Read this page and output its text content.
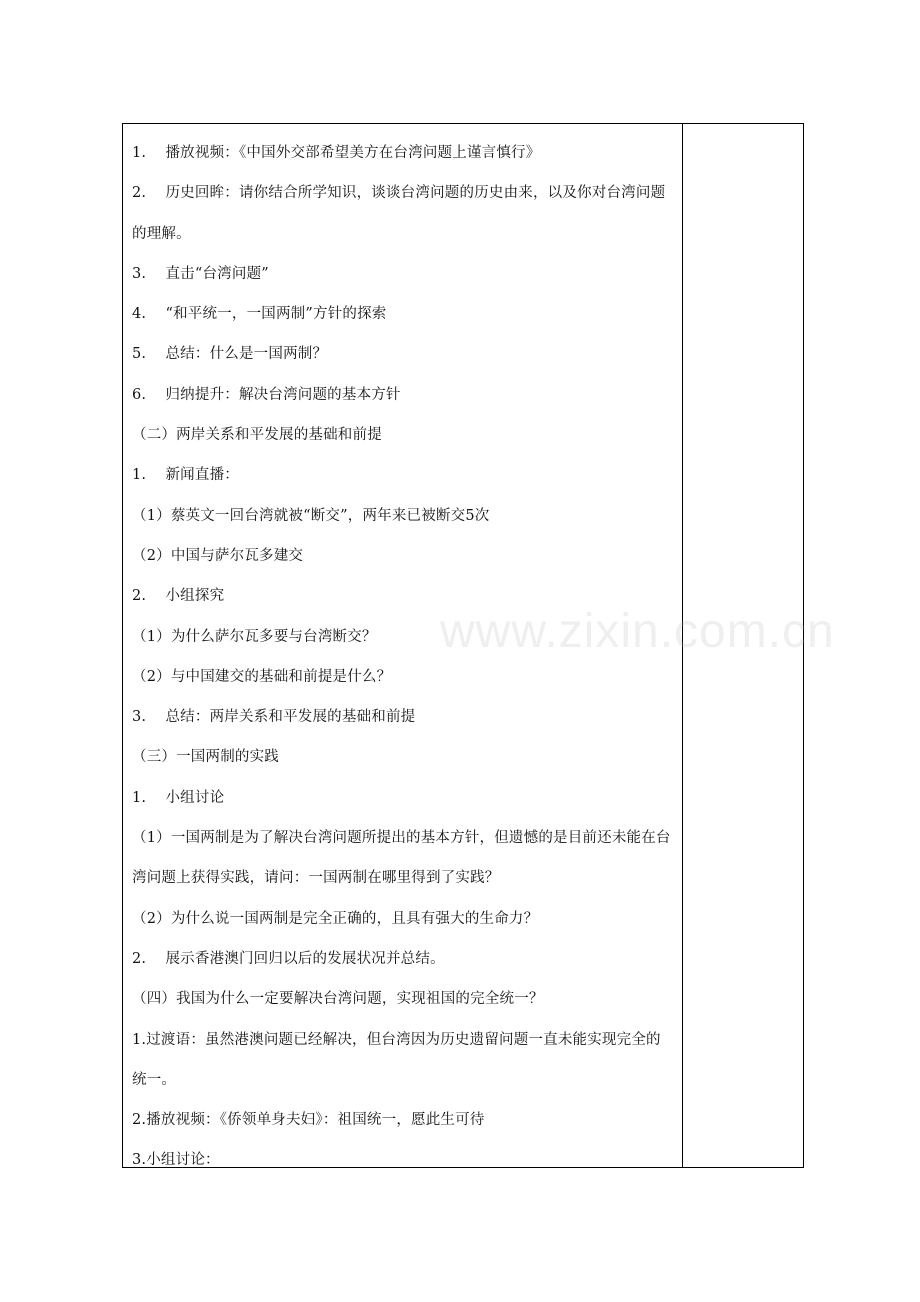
1.    播放视频：《中国外交部希望美方在台湾问题上谨言慎行》

2.    历史回眸：请你结合所学知识，谈谈台湾问题的历史由来，以及你对台湾问题的理解。

3.    直击“台湾问题”

4.    “和平统一，一国两制”方针的探索

5.    总结：什么是一国两制？

6.    归纳提升：解决台湾问题的基本方针

（二）两岸关系和平发展的基础和前提

1.    新闻直播：

（1）蔡英文一回台湾就被“断交”，两年来已被断交5次

（2）中国与萨尔瓦多建交

2.    小组探究

（1）为什么萨尔瓦多要与台湾断交？

（2）与中国建交的基础和前提是什么？

3.    总结：两岸关系和平发展的基础和前提

（三）一国两制的实践

1.    小组讨论

（1）一国两制是为了解决台湾问题所提出的基本方针，但遗憾的是目前还未能在台湾问题上获得实践，请问：一国两制在哪里得到了实践？

（2）为什么说一国两制是完全正确的，且具有强大的生命力？

2.    展示香港澳门回归以后的发展状况并总结。

（四）我国为什么一定要解决台湾问题，实现祖国的完全统一？

1.过渡语：虽然港澳问题已经解决，但台湾因为历史遗留问题一直未能实现完全的统一。

2.播放视频：《侨领单身夫妇》：祖国统一，愿此生可待

3.小组讨论：

www.zixin.com.cn
